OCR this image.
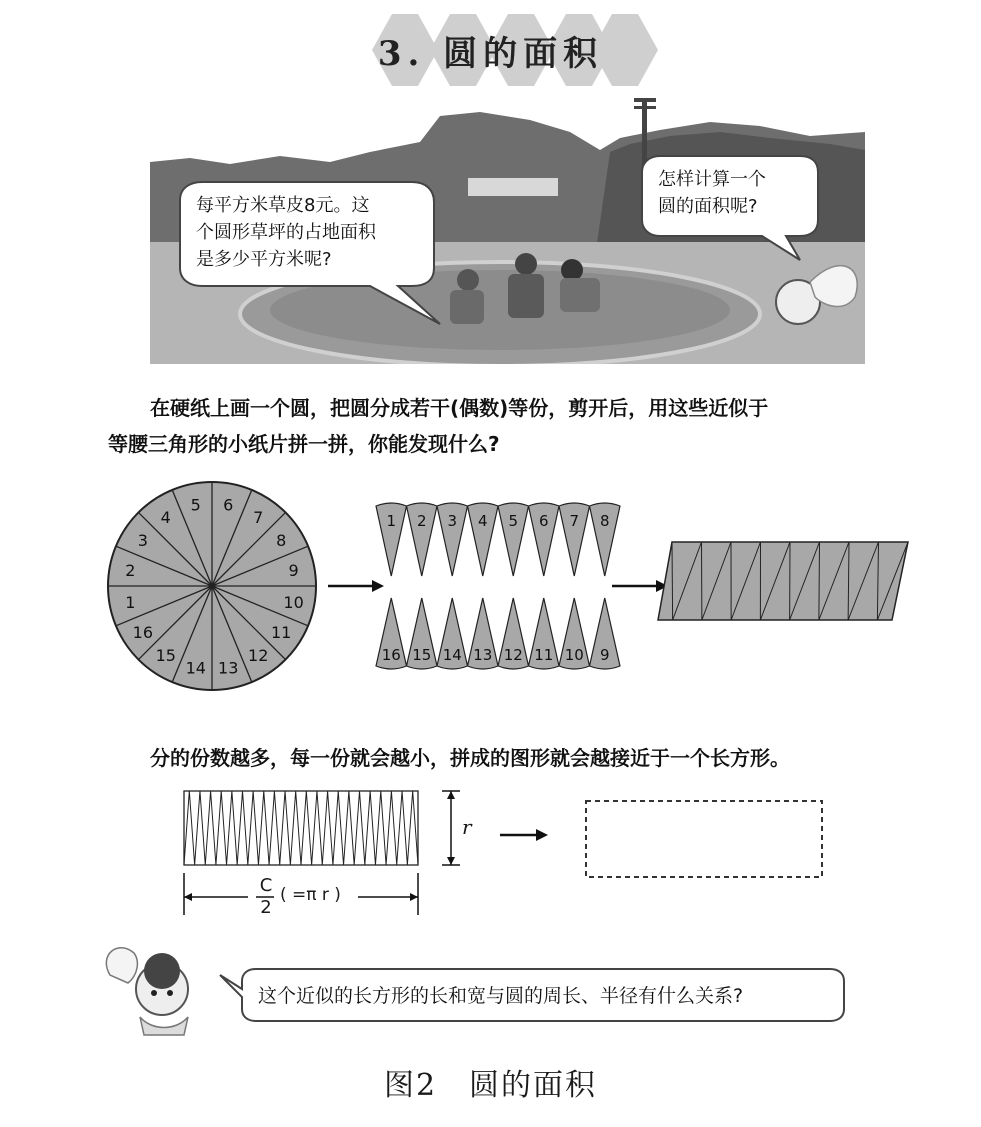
3. 圆的面积
每平方米草皮8元。这
个圆形草坪的占地面积
是多少平方米呢?
怎样计算一个
圆的面积呢?
在硬纸上画一个圆，把圆分成若干(偶数)等份，剪开后，用这些近似于
等腰三角形的小纸片拼一拼，你能发现什么?
1
2
3
4
5 6
7
8
9
10
11
12
13
14
15
16
1 2 3 4 5 6 7 8
16 15 14 13 12 11 10 9
分的份数越多，每一份就会越小，拼成的图形就会越接近于一个长方形。
r
C
2
( =π r )
这个近似的长方形的长和宽与圆的周长、半径有什么关系?
图2　圆的面积
